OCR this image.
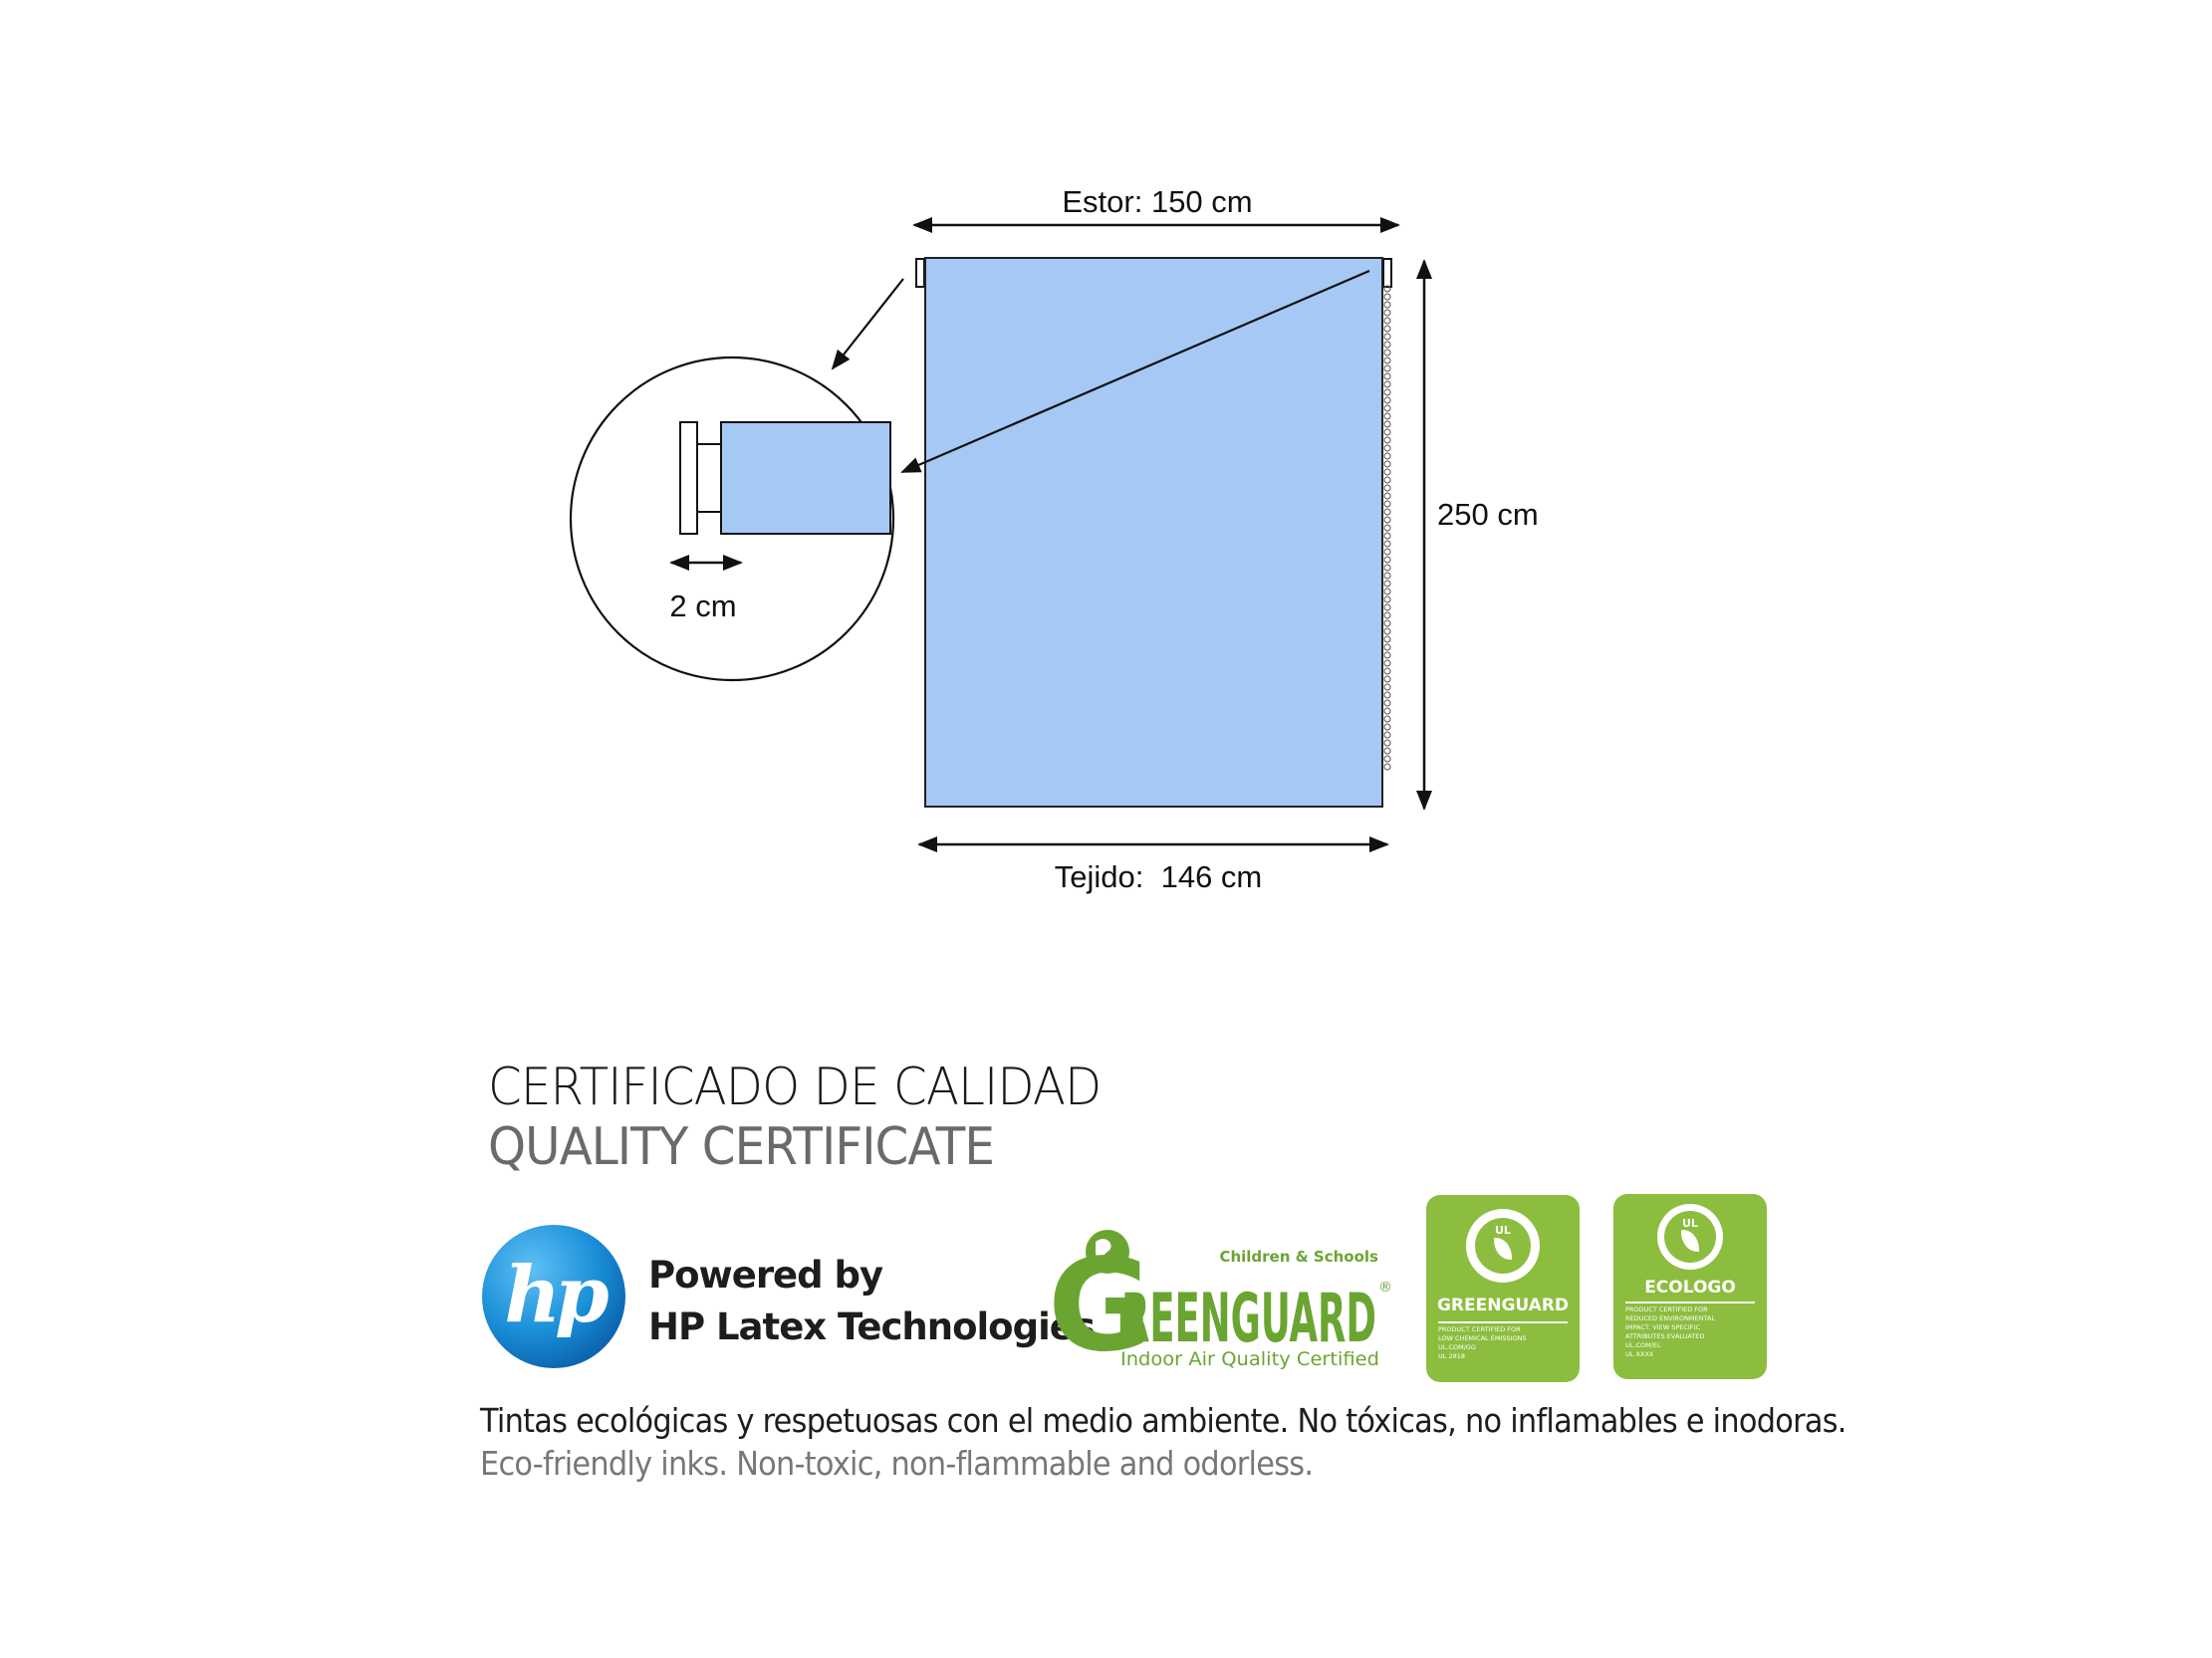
Estor: 150 cm
2 cm
250 cm
Tejido:  146 cm
CERTIFICADO DE CALIDAD
QUALITY CERTIFICATE
hp Powered by
HP Latex Technologies
Children & Schools
G
REENGUARD ®
Indoor Air Quality Certified
UL
GREENGUARD
PRODUCT CERTIFIED FOR
LOW CHEMICAL EMISSIONS
UL.COM/GG
UL 2818
UL
ECOLOGO
PRODUCT CERTIFIED FOR
REDUCED ENVIRONMENTAL
IMPACT. VIEW SPECIFIC
ATTRIBUTES EVALUATED
UL.COM/EL
UL XXXX
Tintas ecológicas y respetuosas con el medio ambiente. No tóxicas, no inflamables e inodoras.
Eco-friendly inks. Non-toxic, non-flammable and odorless.
